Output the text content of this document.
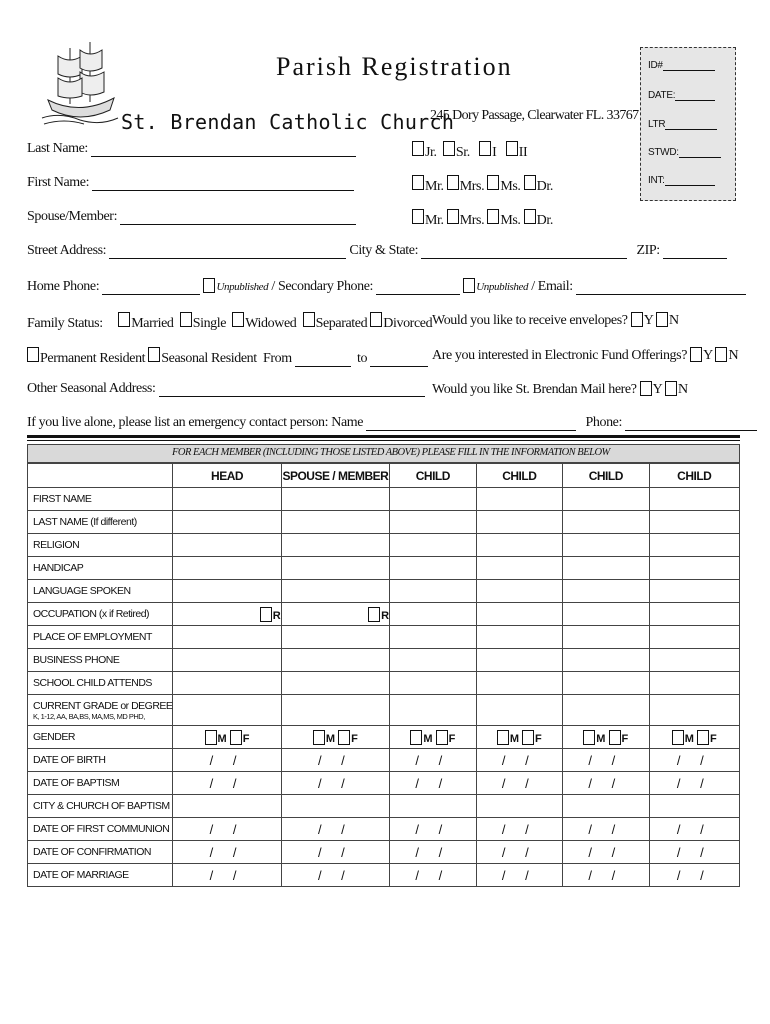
Parish Registration
St. Brendan Catholic Church
245 Dory Passage, Clearwater FL. 33767
ID#
DATE:
LTR
STWD:
INT:
Last Name:	Jr.
Sr.
I
II
First Name:	Mr.
Mrs.
Ms.
Dr.
Spouse/Member:	Mr.
Mrs.
Ms.
Dr.
Street Address:	City & State:	ZIP:
Home Phone:	Unpublished / Secondary Phone:	Unpublished / Email:
Family Status: Married
Single
Widowed
Separated
Divorced Would you like to receive envelopes? Y N
Permanent Resident
Seasonal Resident From	to	Are you interested in Electronic Fund Offerings? Y N
Other Seasonal Address:	Would you like St. Brendan Mail here? Y N
If you live alone, please list an emergency contact person: Name	Phone:
FOR EACH MEMBER (INCLUDING THOSE LISTED ABOVE) PLEASE FILL IN THE INFORMATION BELOW
	HEAD	SPOUSE / MEMBER	CHILD	CHILD	CHILD	CHILD
FIRST NAME						
LAST NAME (If different)						
RELIGION						
HANDICAP						
LANGUAGE SPOKEN						
OCCUPATION (x if Retired)	R	R				
PLACE OF EMPLOYMENT						
BUSINESS PHONE						
SCHOOL CHILD ATTENDS						
CURRENT GRADE or DEGREE
K, 1-12, AA, BA,BS, MA,MS, MD PHD,						

GENDER	M F	M F	M F	M F	M F	M F
DATE OF BIRTH	/ /	/ /	/ /	/ /	/ /	/ /
DATE OF BAPTISM	/ /	/ /	/ /	/ /	/ /	/ /
CITY & CHURCH OF BAPTISM						
DATE OF FIRST COMMUNION	/ /	/ /	/ /	/ /	/ /	/ /
DATE OF CONFIRMATION	/ /	/ /	/ /	/ /	/ /	/ /
DATE OF MARRIAGE	/ /	/ /	/ /	/ /	/ /	/ /
